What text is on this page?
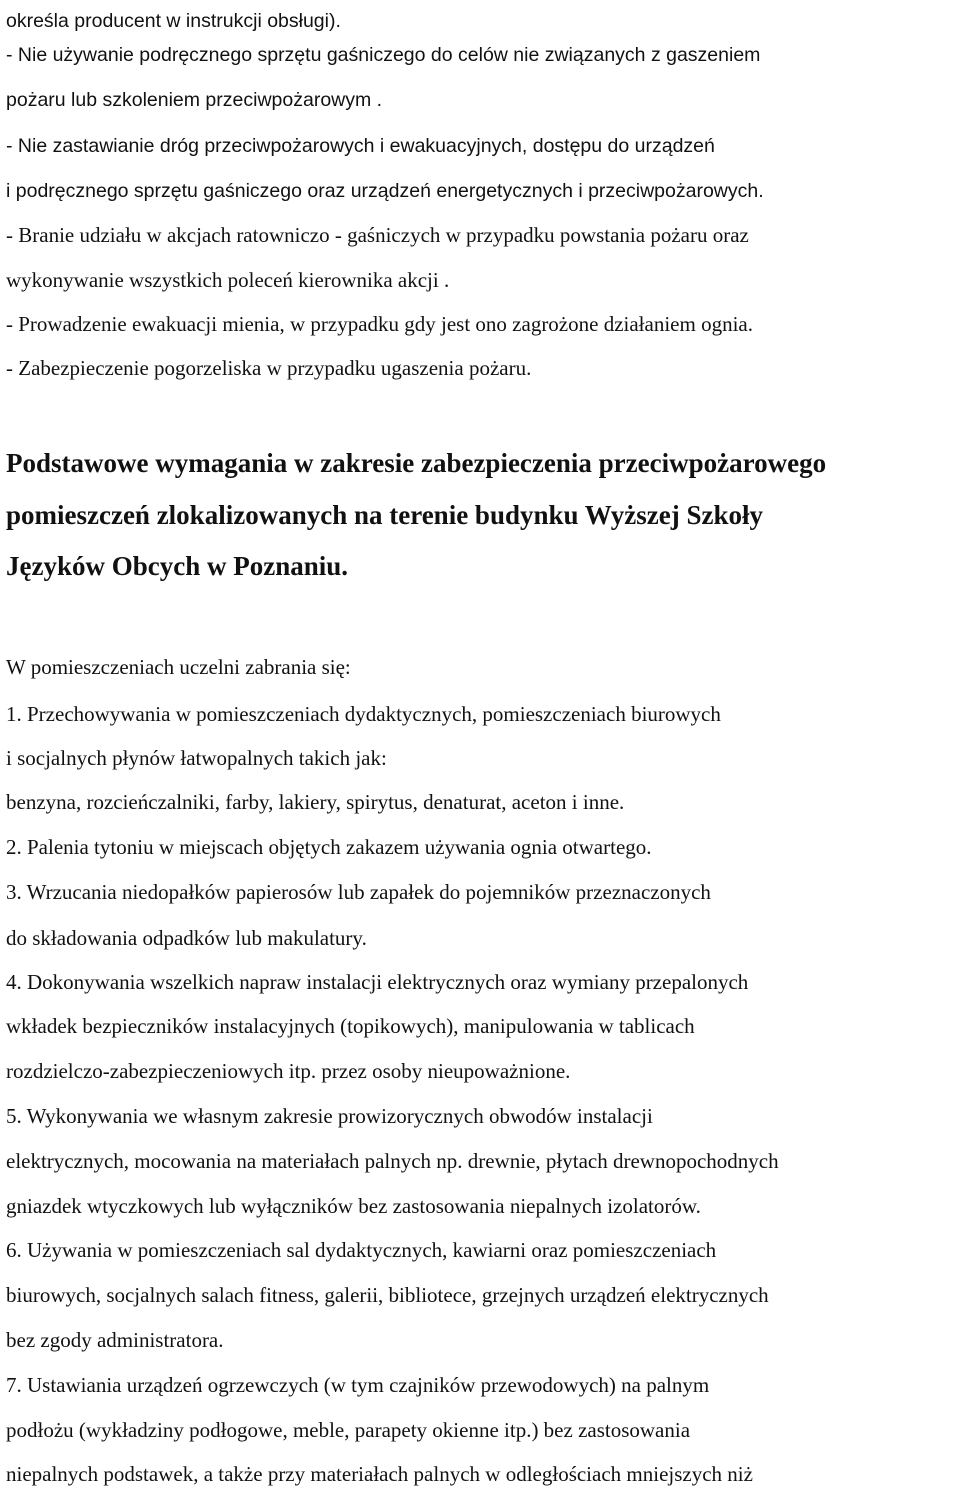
określa producent w instrukcji obsługi).
- Nie używanie podręcznego sprzętu gaśniczego do celów nie związanych z gaszeniem
pożaru lub szkoleniem przeciwpożarowym .
- Nie zastawianie dróg przeciwpożarowych i ewakuacyjnych, dostępu do urządzeń
i podręcznego sprzętu gaśniczego oraz urządzeń energetycznych i przeciwpożarowych.
- Branie udziału w akcjach ratowniczo - gaśniczych w przypadku powstania pożaru oraz
wykonywanie wszystkich poleceń kierownika akcji .
- Prowadzenie ewakuacji mienia, w przypadku gdy jest ono zagrożone działaniem ognia.
- Zabezpieczenie pogorzeliska w przypadku ugaszenia pożaru.
Podstawowe wymagania w zakresie zabezpieczenia przeciwpożarowego
pomieszczeń zlokalizowanych na terenie budynku Wyższej Szkoły
Języków Obcych w Poznaniu.
W pomieszczeniach uczelni zabrania się:
1. Przechowywania w pomieszczeniach dydaktycznych, pomieszczeniach biurowych
i socjalnych płynów łatwopalnych takich jak:
benzyna, rozcieńczalniki, farby, lakiery, spirytus, denaturat, aceton i inne.
2. Palenia tytoniu w miejscach objętych zakazem używania ognia otwartego.
3. Wrzucania niedopałków papierosów lub zapałek do pojemników przeznaczonych
do składowania odpadków lub makulatury.
4. Dokonywania wszelkich napraw instalacji elektrycznych oraz wymiany przepalonych
wkładek bezpieczników instalacyjnych (topikowych), manipulowania w tablicach
rozdzielczo-zabezpieczeniowych itp. przez osoby nieupoważnione.
5. Wykonywania we własnym zakresie prowizorycznych obwodów instalacji
elektrycznych, mocowania na materiałach palnych np. drewnie, płytach drewnopochodnych
gniazdek wtyczkowych lub wyłączników bez zastosowania niepalnych izolatorów.
6. Używania w pomieszczeniach sal dydaktycznych, kawiarni oraz pomieszczeniach
biurowych, socjalnych salach fitness, galerii, bibliotece, grzejnych urządzeń elektrycznych
bez zgody administratora.
7. Ustawiania urządzeń ogrzewczych (w tym czajników przewodowych) na palnym
podłożu (wykładziny podłogowe, meble, parapety okienne itp.) bez zastosowania
niepalnych podstawek, a także przy materiałach palnych w odległościach mniejszych niż
